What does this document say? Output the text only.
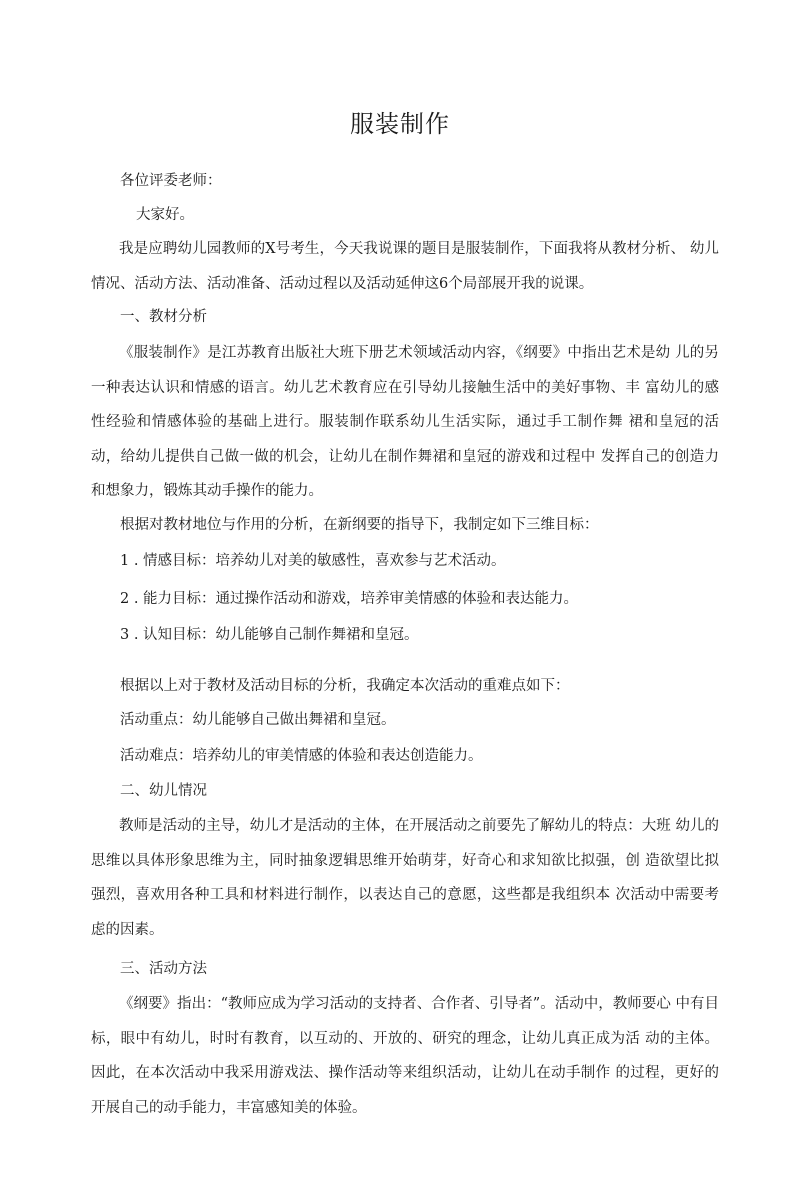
服装制作
各位评委老师：
大家好。
我是应聘幼儿园教师的X号考生，今天我说课的题目是服装制作，下面我将从教材分析、 幼儿情况、活动方法、活动准备、活动过程以及活动延伸这6个局部展开我的说课。
一、教材分析
《服装制作》是江苏教育出版社大班下册艺术领域活动内容，《纲要》中指出艺术是幼 儿的另一种表达认识和情感的语言。幼儿艺术教育应在引导幼儿接触生活中的美好事物、丰 富幼儿的感性经验和情感体验的基础上进行。服装制作联系幼儿生活实际，通过手工制作舞 裙和皇冠的活动，给幼儿提供自己做一做的机会，让幼儿在制作舞裙和皇冠的游戏和过程中 发挥自己的创造力和想象力，锻炼其动手操作的能力。
根据对教材地位与作用的分析，在新纲要的指导下，我制定如下三维目标：
1 . 情感目标：培养幼儿对美的敏感性，喜欢参与艺术活动。
2 . 能力目标：通过操作活动和游戏，培养审美情感的体验和表达能力。
3 . 认知目标：幼儿能够自己制作舞裙和皇冠。
根据以上对于教材及活动目标的分析，我确定本次活动的重难点如下：
活动重点：幼儿能够自己做出舞裙和皇冠。
活动难点：培养幼儿的审美情感的体验和表达创造能力。
二、幼儿情况
教师是活动的主导，幼儿才是活动的主体，在开展活动之前要先了解幼儿的特点：大班 幼儿的思维以具体形象思维为主，同时抽象逻辑思维开始萌芽，好奇心和求知欲比拟强，创 造欲望比拟强烈，喜欢用各种工具和材料进行制作，以表达自己的意愿，这些都是我组织本 次活动中需要考虑的因素。
三、活动方法
《纲要》指出：“教师应成为学习活动的支持者、合作者、引导者”。活动中，教师要心 中有目标，眼中有幼儿，时时有教育，以互动的、开放的、研究的理念，让幼儿真正成为活 动的主体。因此，在本次活动中我采用游戏法、操作活动等来组织活动，让幼儿在动手制作 的过程，更好的开展自己的动手能力，丰富感知美的体验。
